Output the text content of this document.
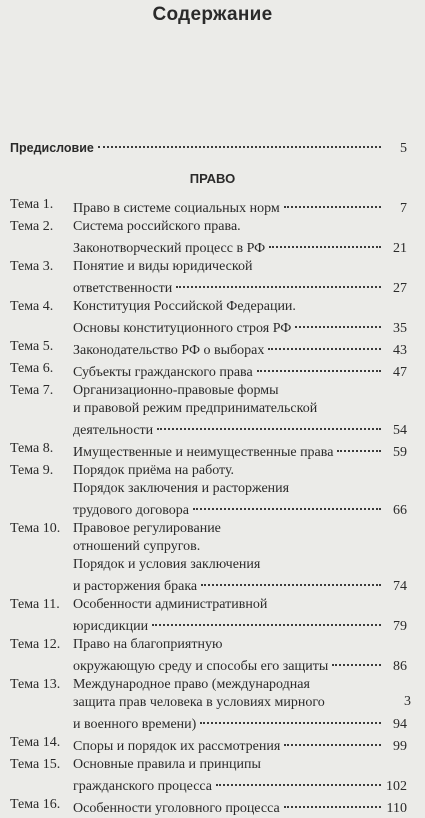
Содержание
Предисловие	5
ПРАВО
Тема 1.	Право в системе социальных норм	7
Тема 2.	Система российского права.
Законотворческий процесс в РФ	21
Тема 3.	Понятие и виды юридической
ответственности	27
Тема 4.	Конституция Российской Федерации.
Основы конституционного строя РФ	35
Тема 5.	Законодательство РФ о выборах	43
Тема 6.	Субъекты гражданского права	47
Тема 7.	Организационно-правовые формы
и правовой режим предпринимательской
деятельности	54
Тема 8.	Имущественные и неимущественные права	59
Тема 9.	Порядок приёма на работу.
Порядок заключения и расторжения
трудового договора	66
Тема 10. Правовое регулирование
отношений супругов.
Порядок и условия заключения
и расторжения брака	74
Тема 11. Особенности административной
юрисдикции	79
Тема 12. Право на благоприятную
окружающую среду и способы его защиты	86
Тема 13. Международное право (международная
защита прав человека в условиях мирного
и военного времени)	94
Тема 14. Споры и порядок их рассмотрения	99
Тема 15. Основные правила и принципы
гражданского процесса	102
Тема 16. Особенности уголовного процесса	110
3
